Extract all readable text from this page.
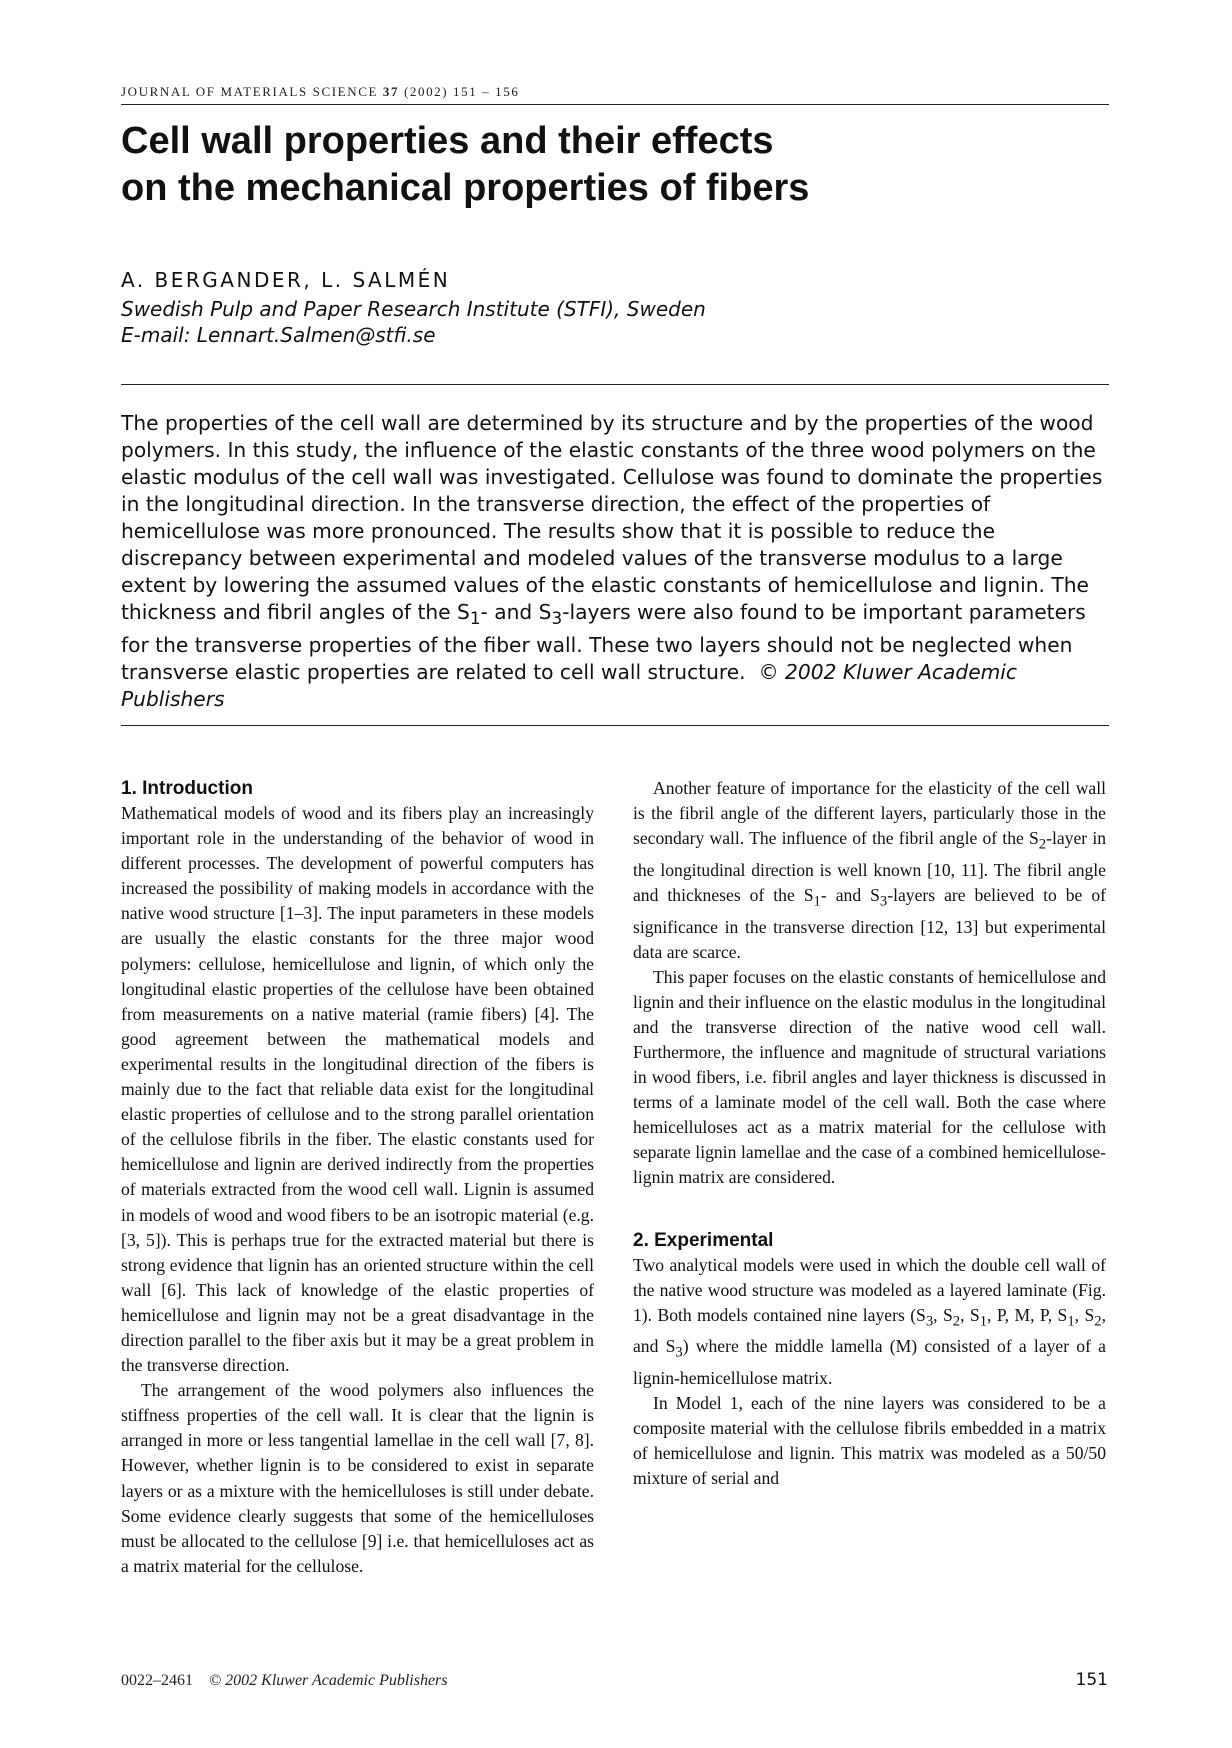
JOURNAL OF MATERIALS SCIENCE 37 (2002) 151 – 156
Cell wall properties and their effects
on the mechanical properties of fibers
A. BERGANDER, L. SALMÉN
Swedish Pulp and Paper Research Institute (STFI), Sweden
E-mail: Lennart.Salmen@stfi.se

The properties of the cell wall are determined by its structure and by the properties of the wood polymers. In this study, the influence of the elastic constants of the three wood polymers on the elastic modulus of the cell wall was investigated. Cellulose was found to dominate the properties in the longitudinal direction. In the transverse direction, the effect of the properties of hemicellulose was more pronounced. The results show that it is possible to reduce the discrepancy between experimental and modeled values of the transverse modulus to a large extent by lowering the assumed values of the elastic constants of hemicellulose and lignin. The thickness and fibril angles of the $S_1-$ and $S_3$-layers were also found to be important parameters for the transverse properties of the fiber wall. These two layers should not be neglected when transverse elastic properties are related to cell wall structure. © 2002 Kluwer Academic Publishers

1. Introduction

Mathematical models of wood and its fibers play an increasingly important role in the understanding of the behavior of wood in different processes. The development of powerful computers has increased the possibility of making models in accordance with the native wood structure [1–3]. The input parameters in these models are usually the elastic constants for the three major wood polymers: cellulose, hemicellulose and lignin, of which only the longitudinal elastic properties of the cellulose have been obtained from measurements on a native material (ramie fibers) [4]. The good agreement between the mathematical models and experimental results in the longitudinal direction of the fibers is mainly due to the fact that reliable data exist for the longitudinal elastic properties of cellulose and to the strong parallel orientation of the cellulose fibrils in the fiber. The elastic constants used for hemicellulose and lignin are derived indirectly from the properties of materials extracted from the wood cell wall. Lignin is assumed in models of wood and wood fibers to be an isotropic material (e.g. [3, 5]). This is perhaps true for the extracted material but there is strong evidence that lignin has an oriented structure within the cell wall [6]. This lack of knowledge of the elastic properties of hemicellulose and lignin may not be a great disadvantage in the direction parallel to the fiber axis but it may be a great problem in the transverse direction.

The arrangement of the wood polymers also influences the stiffness properties of the cell wall. It is clear that the lignin is arranged in more or less tangential lamellae in the cell wall [7, 8]. However, whether lignin is to be considered to exist in separate layers or as a mixture with the hemicelluloses is still under debate. Some evidence clearly suggests that some of the hemicelluloses must be allocated to the cellulose [9] i.e. that hemicelluloses act as a matrix material for the cellulose.

Another feature of importance for the elasticity of the cell wall is the fibril angle of the different layers, particularly those in the secondary wall. The influence of the fibril angle of the $S_2$-layer in the longitudinal direction is well known [10, 11]. The fibril angle and thickneses of the $S_1-$ and $S_3$-layers are believed to be of significance in the transverse direction [12, 13] but experimental data are scarce.

This paper focuses on the elastic constants of hemicellulose and lignin and their influence on the elastic modulus in the longitudinal and the transverse direction of the native wood cell wall. Furthermore, the influence and magnitude of structural variations in wood fibers, i.e. fibril angles and layer thickness is discussed in terms of a laminate model of the cell wall. Both the case where hemicelluloses act as a matrix material for the cellulose with separate lignin lamellae and the case of a combined hemicellulose-lignin matrix are considered.

2. Experimental

Two analytical models were used in which the double cell wall of the native wood structure was modeled as a layered laminate (Fig. 1). Both models contained nine layers ($S_3$, $S_2$, $S_1$, P, M, P, $S_1$, $S_2$, and $S_3$) where the middle lamella (M) consisted of a layer of a lignin-hemicellulose matrix.

In Model 1, each of the nine layers was considered to be a composite material with the cellulose fibrils embedded in a matrix of hemicellulose and lignin. This matrix was modeled as a 50/50 mixture of serial and

0022–2461 © 2002 Kluwer Academic Publishers	151
